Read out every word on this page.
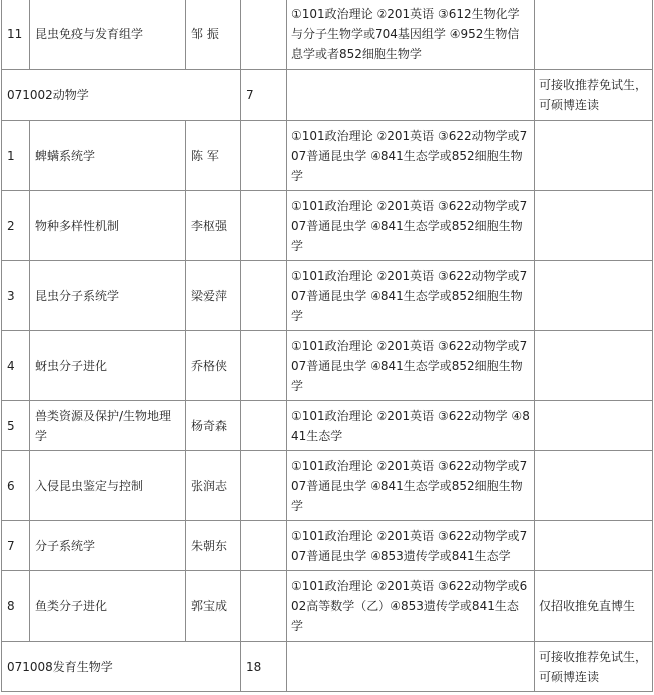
11	昆虫免疫与发育组学	邹 振		①101政治理论 ②201英语 ③612生物化学与分子生物学或704基因组学 ④952生物信息学或者852细胞生物学	
071002动物学			7		可接收推荐免试生，可硕博连读
1	蜱螨系统学	陈 军		①101政治理论 ②201英语 ③622动物学或707普通昆虫学 ④841生态学或852细胞生物学	
2	物种多样性机制	李枢强		①101政治理论 ②201英语 ③622动物学或707普通昆虫学 ④841生态学或852细胞生物学	
3	昆虫分子系统学	梁爱萍		①101政治理论 ②201英语 ③622动物学或707普通昆虫学 ④841生态学或852细胞生物学	
4	蚜虫分子进化	乔格侠		①101政治理论 ②201英语 ③622动物学或707普通昆虫学 ④841生态学或852细胞生物学	
5	兽类资源及保护/生物地理学	杨奇森		①101政治理论 ②201英语 ③622动物学 ④841生态学	
6	入侵昆虫鉴定与控制	张润志		①101政治理论 ②201英语 ③622动物学或707普通昆虫学 ④841生态学或852细胞生物学	
7	分子系统学	朱朝东		①101政治理论 ②201英语 ③622动物学或707普通昆虫学 ④853遗传学或841生态学	
8	鱼类分子进化	郭宝成		①101政治理论 ②201英语 ③622动物学或602高等数学（乙）④853遗传学或841生态学	仅招收推免直博生
071008发育生物学			18		可接收推荐免试生，可硕博连读
